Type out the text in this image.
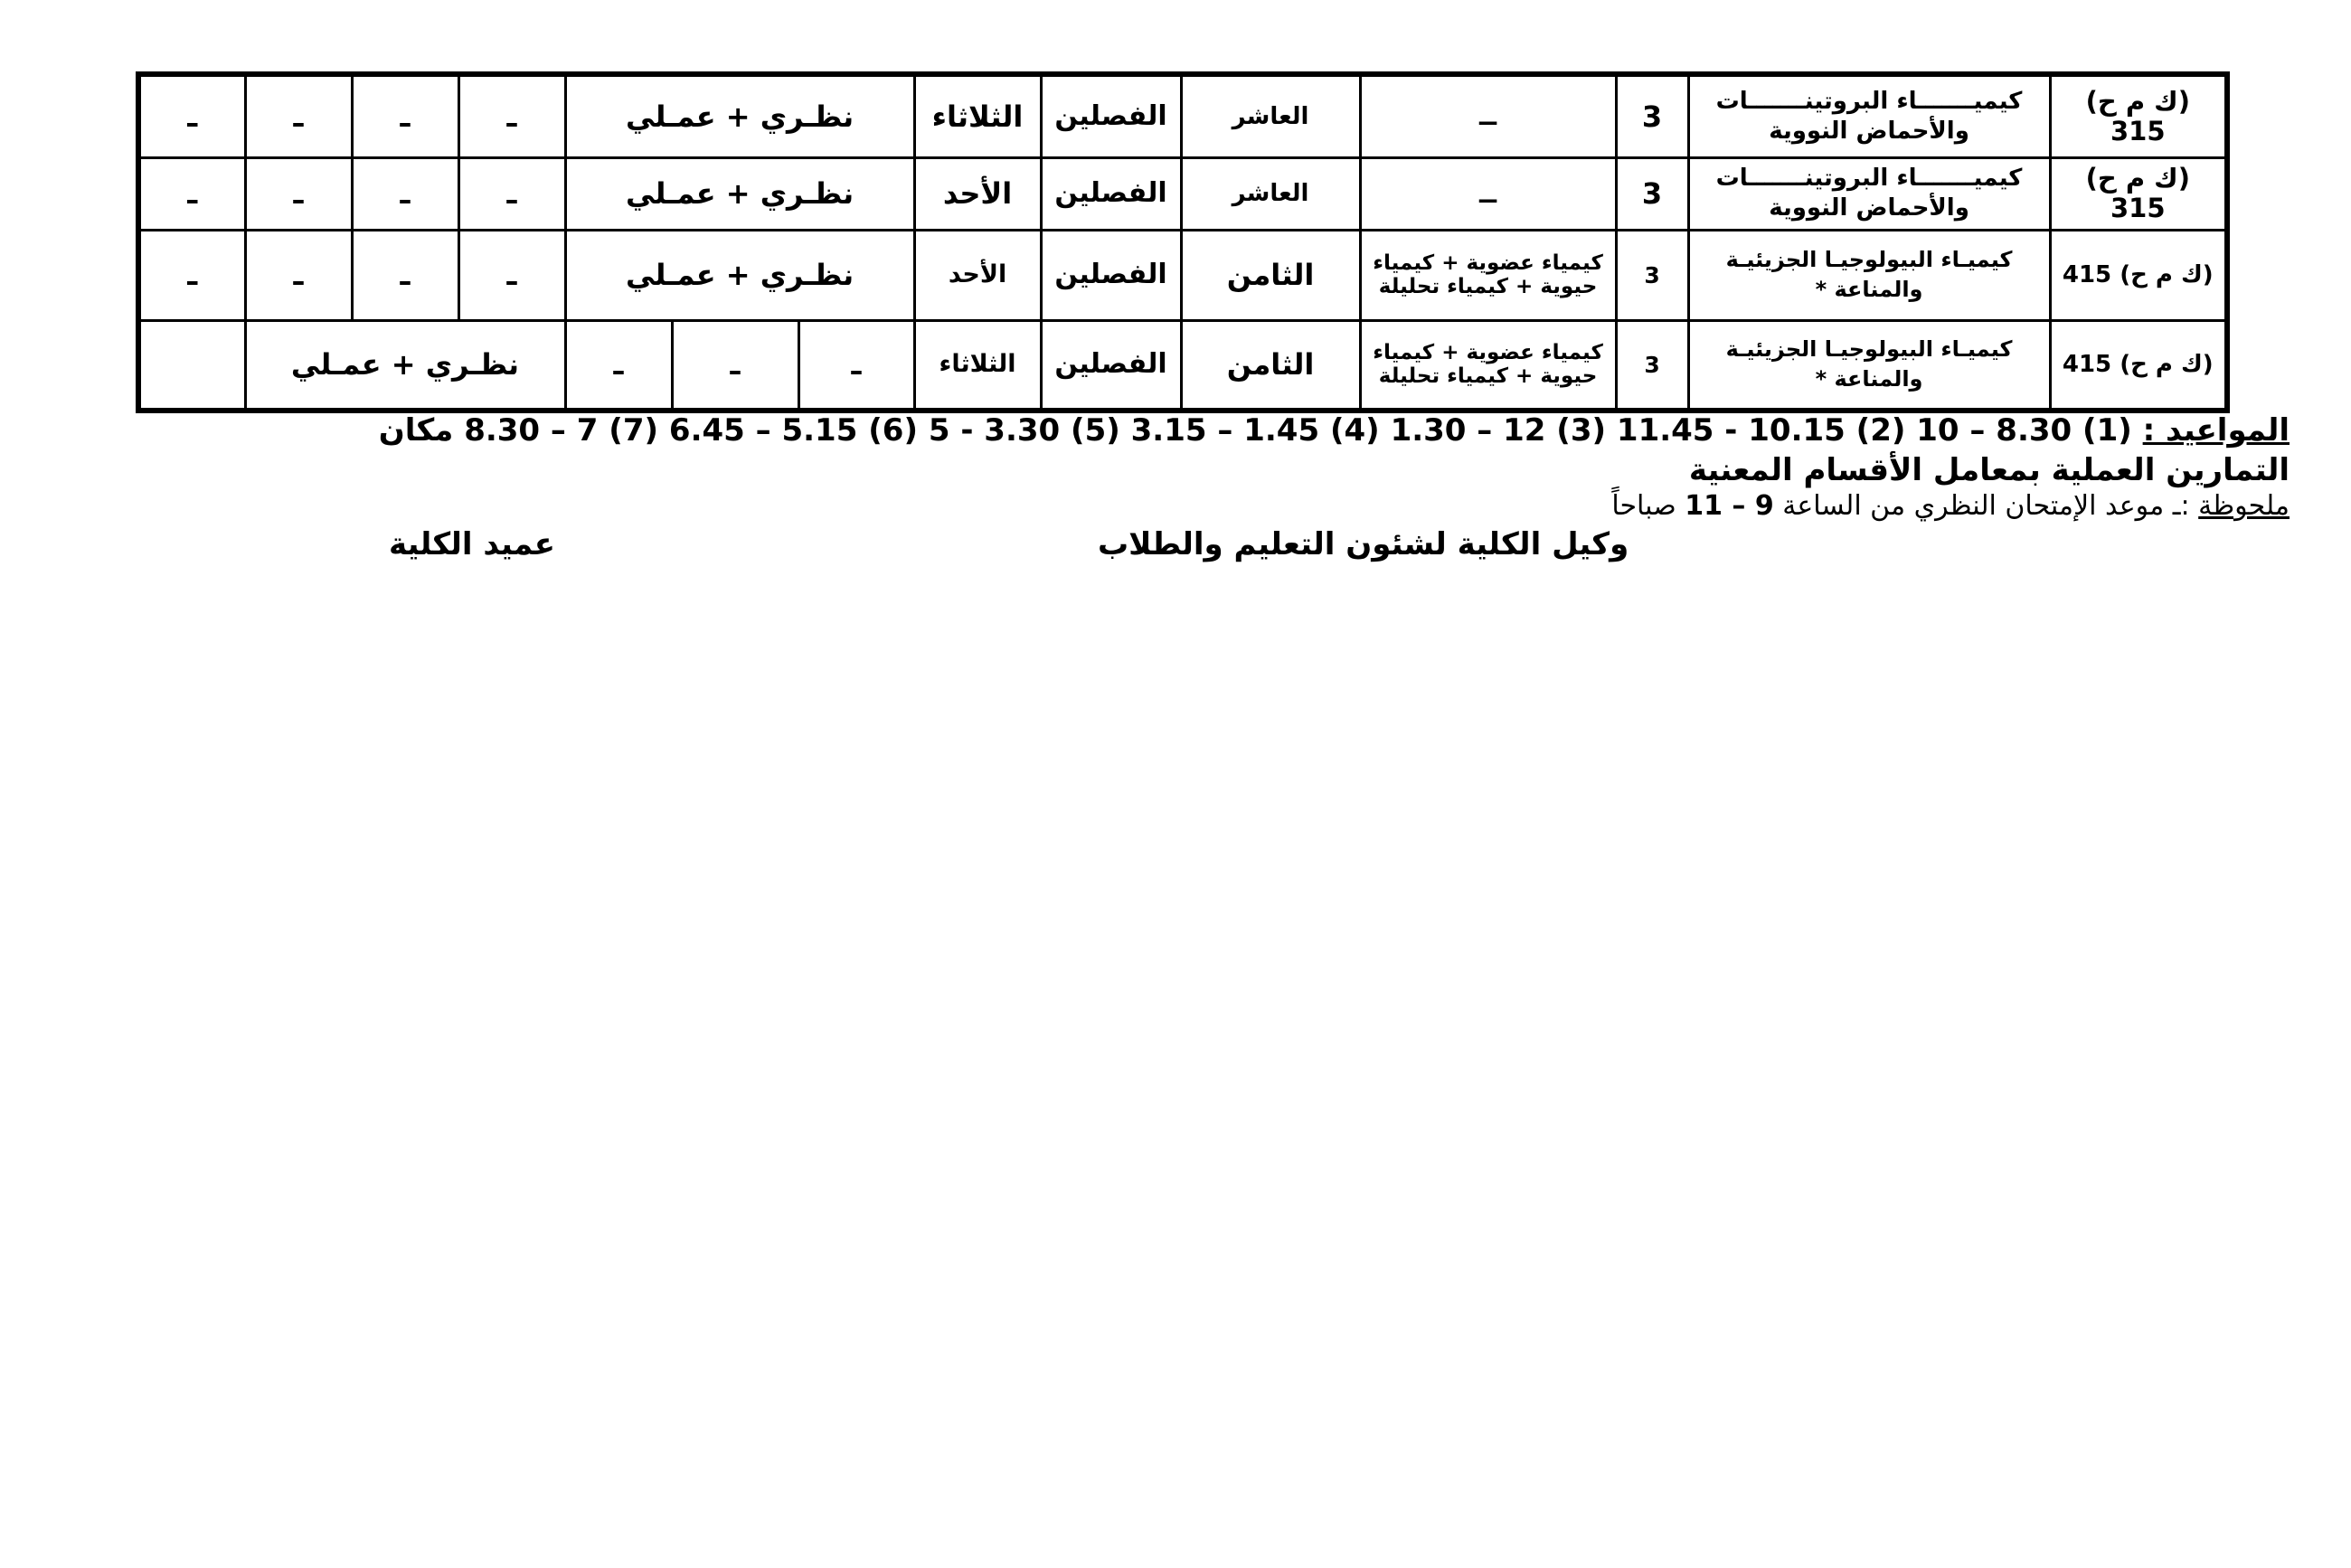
ـ	ـ	ـ	ـ	نظـري + عمـلي			الثلاثاء	الفصلين	العاشر	ــ	3	كيميـــــــاء البروتينـــــــات والأحماض النووية	(ك م ح) 315
ـ	ـ	ـ	ـ	نظـري + عمـلي			الأحد	الفصلين	العاشر	ــ	3	كيميـــــــاء البروتينـــــــات والأحماض النووية	(ك م ح) 315
ـ	ـ	ـ	ـ	نظـري + عمـلي			الأحد	الفصلين	الثامن	كيمياء عضوية + كيمياء حيوية + كيمياء تحليلة	3	كيميـاء البيولوجيـا الجزيئيـة والمناعة *	(ك م ح) 415
	نظـري + عمـلي			ـ	ـ	ـ	الثلاثاء	الفصلين	الثامن	كيمياء عضوية + كيمياء حيوية + كيمياء تحليلة	3	كيميـاء البيولوجيـا الجزيئيـة والمناعة *	(ك م ح) 415
المواعيد : (1) 8.30 – 10 (2) 10.15 - 11.45 (3) 12 – 1.30 (4) 1.45 – 3.15 (5) 3.30 - 5 (6) 5.15 – 6.45 (7) 7 – 8.30 مكان
التمارين العملية بمعامل الأقسام المعنية
ملحوظة :ـ موعد الإمتحان النظري من الساعة 9 – 11 صباحاً
وكيل الكلية لشئون التعليم والطلاب
عميد الكلية
